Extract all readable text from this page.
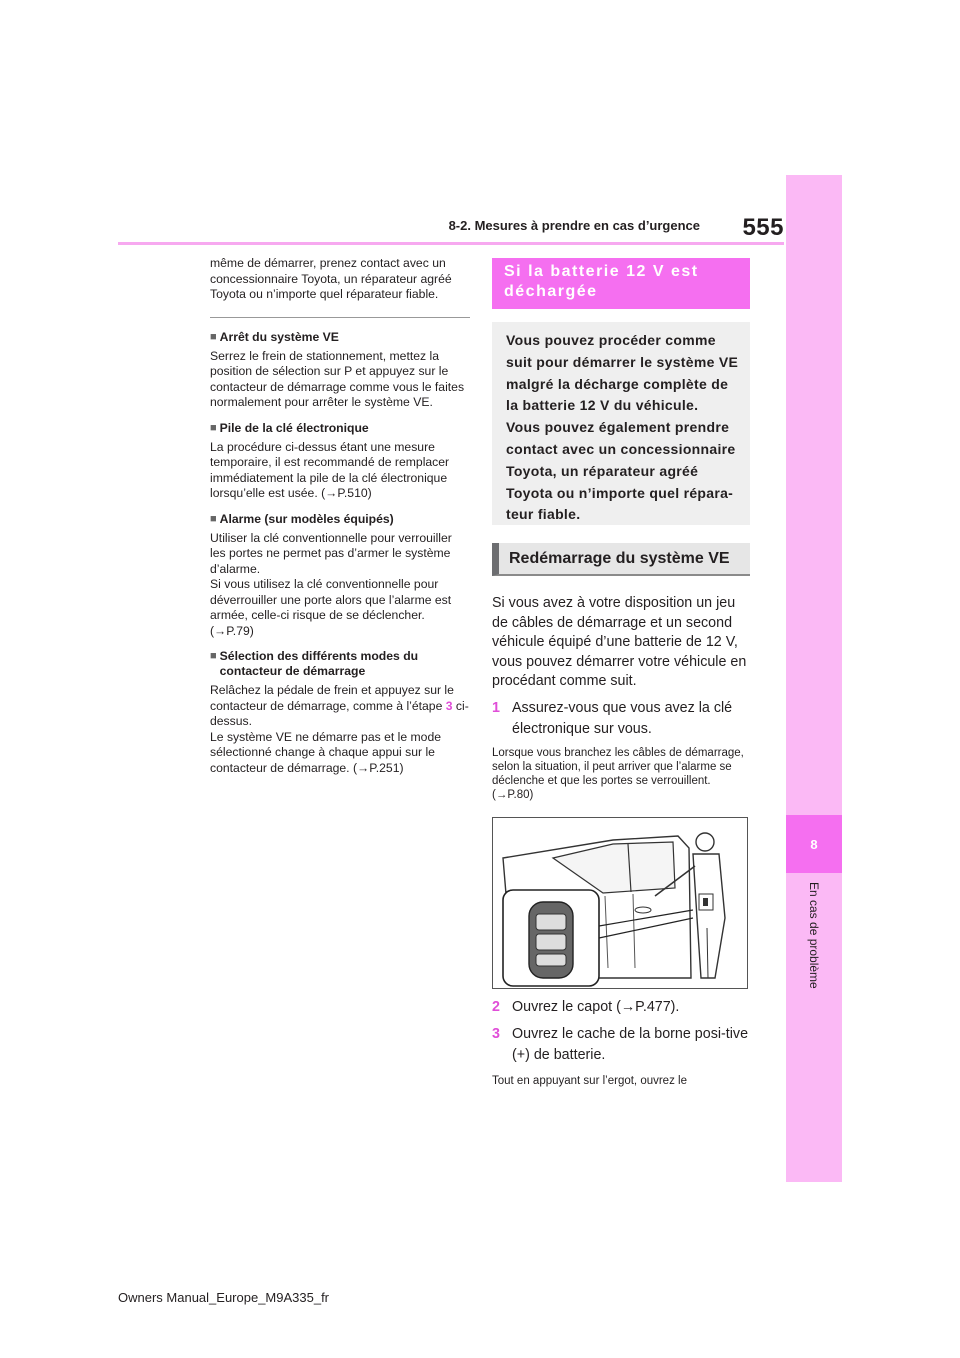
8
En cas de problème
8-2. Mesures à prendre en cas d’urgence	555

même de démarrer, prenez contact avec un concessionnaire Toyota, un réparateur agréé Toyota ou n’importe quel réparateur fiable.

■ Arrêt du système VE

Serrez le frein de stationnement, mettez la position de sélection sur P et appuyez sur le contacteur de démarrage comme vous le faites normalement pour arrêter le système VE.

■ Pile de la clé électronique

La procédure ci-dessus étant une mesure temporaire, il est recommandé de remplacer immédiatement la pile de la clé électronique lorsqu’elle est usée. (→P.510)

■ Alarme (sur modèles équipés)

Utiliser la clé conventionnelle pour verrouiller les portes ne permet pas d’armer le système d’alarme.

Si vous utilisez la clé conventionnelle pour déverrouiller une porte alors que l’alarme est armée, celle-ci risque de se déclencher. (→P.79)

■ Sélection des différents modes du contacteur de démarrage

Relâchez la pédale de frein et appuyez sur le contacteur de démarrage, comme à l’étape 3 ci-dessus.

Le système VE ne démarre pas et le mode sélectionné change à chaque appui sur le contacteur de démarrage. (→P.251)

Si la batterie 12 V est déchargée

Vous pouvez procéder comme suit pour démarrer le système VE malgré la décharge complète de la batterie 12 V du véhicule.

Vous pouvez également prendre contact avec un concessionnaire Toyota, un réparateur agréé Toyota ou n’importe quel répara-teur fiable.

Redémarrage du système VE

Si vous avez à votre disposition un jeu de câbles de démarrage et un second véhicule équipé d’une batterie de 12 V, vous pouvez démarrer votre véhicule en procédant comme suit.

1 Assurez-vous que vous avez la clé électronique sur vous.

Lorsque vous branchez les câbles de démarrage, selon la situation, il peut arriver que l’alarme se déclenche et que les portes se verrouillent. (→P.80)

2 Ouvrez le capot (→P.477).
3 Ouvrez le cache de la borne posi-tive (+) de batterie.

Tout en appuyant sur l’ergot, ouvrez le

Owners Manual_Europe_M9A335_fr
